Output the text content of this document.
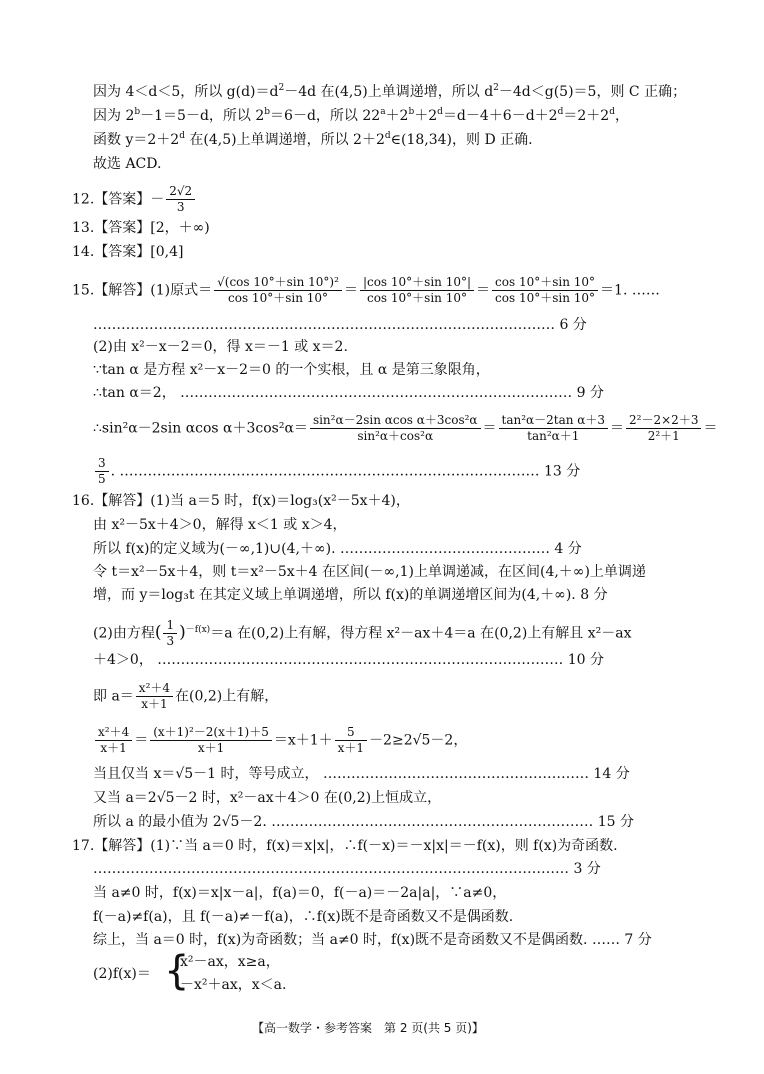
因为 4＜d＜5，所以 $g(d)=d^2-4d$ 在(4,5)上单调递增，所以 $d^2-4d<g(5)=5$，则 C 正确；
因为 $2^b-1=5-d$，所以 $2^b=6-d$，所以 $22^a+2^b+2^d=d-4+6-d+2^d=2+2^d$，
函数 $y=2+2^d$ 在(4,5)上单调递增，所以 $2+2^d\in(18,34)$，则 D 正确.
故选 ACD.
12.【答案】－ $\frac{2√2}{3}$
13.【答案】[2，＋∞)
14.【答案】[0,4]
15.【解答】(1)原式＝ $\frac{\text{√(cos 10°＋sin 10°)²}}{\cos 10^\circ+\sin 10^\circ} = \frac{|\cos 10^\circ+\sin 10^\circ|}{\cos 10^\circ+\sin 10^\circ} = \frac{\cos 10^\circ+\sin 10^\circ}{\cos 10^\circ+\sin 10^\circ} =1$. ……
……………………………………………………………………………………… 6 分
(2)由 x²－x－2＝0，得 x＝－1 或 x＝2.
∵tan α 是方程 x²－x－2＝0 的一个实根，且 α 是第三象限角，
∴tan α＝2， ………………………………………………………………………… 9 分
∴sin²α－2sin αcos $\alpha+3\cos^2\alpha= \frac{\text{sin²α－2sin αcos α＋3cos²α}}{\text{sin²α＋cos²α}} = \frac{\text{tan²α－2tan α＋3}}{\text{tan²α＋1}} = \frac{\text{2²－2×2＋3}}{\text{2²＋1}}$ ＝
$\frac{3}{5}$ . ……………………………………………………………………………… 13 分
16.【解答】(1)当 a＝5 时，f(x)＝log₃(x²－5x＋4)，
由 x²－5x＋4＞0，解得 x＜1 或 x＞4，
所以 f(x)的定义域为(－∞,1)∪(4,＋∞). ……………………………………… 4 分
令 t＝x²－5x＋4，则 t＝x²－5x＋4 在区间(－∞,1)上单调递减，在区间(4,＋∞)上单调递
增，而 y＝log₃t 在其定义域上单调递增，所以 f(x)的单调递增区间为(4,＋∞). 8 分
(2)由方程( $\frac{1}{3} )^{-f(x)}=a$ 在(0,2)上有解，得方程 x²－ax＋4＝a 在(0,2)上有解且 x²－ax
＋4＞0， …………………………………………………………………………… 10 分
即 $a= \frac{\text{x²＋4}}{x+1}$ 在(0,2)上有解，
$\frac{\text{x²＋4}}{x+1} = \frac{\text{(x＋1)²－2(x＋1)＋5}}{x+1} =x+1+ \frac{5}{x+1} -2\ge 2√5-2$，
当且仅当 x＝√5－1 时，等号成立， ………………………………………………… 14 分
又当 a＝2√5－2 时，x²－ax＋4＞0 在(0,2)上恒成立，
所以 a 的最小值为 2√5－2. …………………………………………………………… 15 分
17.【解答】(1)∵当 a＝0 时，f(x)＝x|x|，∴f(－x)＝－x|x|＝－f(x)，则 f(x)为奇函数.
………………………………………………………………………………………… 3 分
当 a≠0 时，f(x)＝x|x－a|，f(a)＝0，f(－a)＝－2a|a|，∵a≠0，
f(－a)≠f(a)，且 f(－a)≠－f(a)，∴f(x)既不是奇函数又不是偶函数.
综上，当 a＝0 时，f(x)为奇函数；当 a≠0 时，f(x)既不是奇函数又不是偶函数. …… 7 分
(2)f(x)＝ {
x²－ax，x≥a，
－x²＋ax，x＜a.
【高一数学・参考答案　第 2 页(共 5 页)】
